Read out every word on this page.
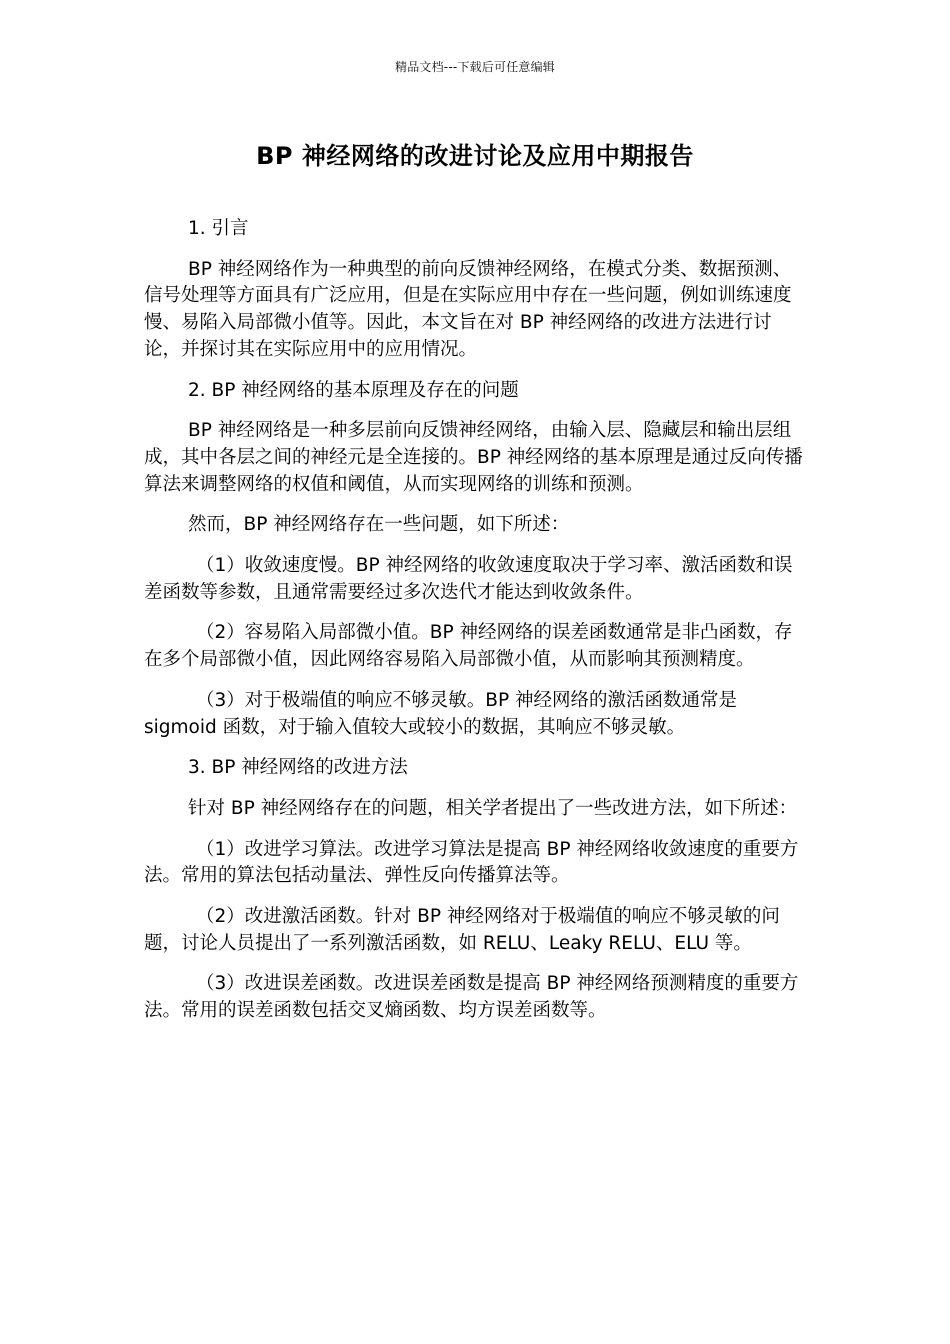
精品文档---下载后可任意编辑
BP 神经网络的改进讨论及应用中期报告

1. 引言

BP 神经网络作为一种典型的前向反馈神经网络，在模式分类、数据预测、信号处理等方面具有广泛应用，但是在实际应用中存在一些问题，例如训练速度慢、易陷入局部微小值等。因此，本文旨在对 BP 神经网络的改进方法进行讨论，并探讨其在实际应用中的应用情况。

2. BP 神经网络的基本原理及存在的问题

BP 神经网络是一种多层前向反馈神经网络，由输入层、隐藏层和输出层组成，其中各层之间的神经元是全连接的。BP 神经网络的基本原理是通过反向传播算法来调整网络的权值和阈值，从而实现网络的训练和预测。

然而，BP 神经网络存在一些问题，如下所述：

（1）收敛速度慢。BP 神经网络的收敛速度取决于学习率、激活函数和误差函数等参数，且通常需要经过多次迭代才能达到收敛条件。

（2）容易陷入局部微小值。BP 神经网络的误差函数通常是非凸函数，存在多个局部微小值，因此网络容易陷入局部微小值，从而影响其预测精度。

（3）对于极端值的响应不够灵敏。BP 神经网络的激活函数通常是 sigmoid 函数，对于输入值较大或较小的数据，其响应不够灵敏。

3. BP 神经网络的改进方法

针对 BP 神经网络存在的问题，相关学者提出了一些改进方法，如下所述：

（1）改进学习算法。改进学习算法是提高 BP 神经网络收敛速度的重要方法。常用的算法包括动量法、弹性反向传播算法等。

（2）改进激活函数。针对 BP 神经网络对于极端值的响应不够灵敏的问题，讨论人员提出了一系列激活函数，如 RELU、Leaky RELU、ELU 等。

（3）改进误差函数。改进误差函数是提高 BP 神经网络预测精度的重要方法。常用的误差函数包括交叉熵函数、均方误差函数等。
